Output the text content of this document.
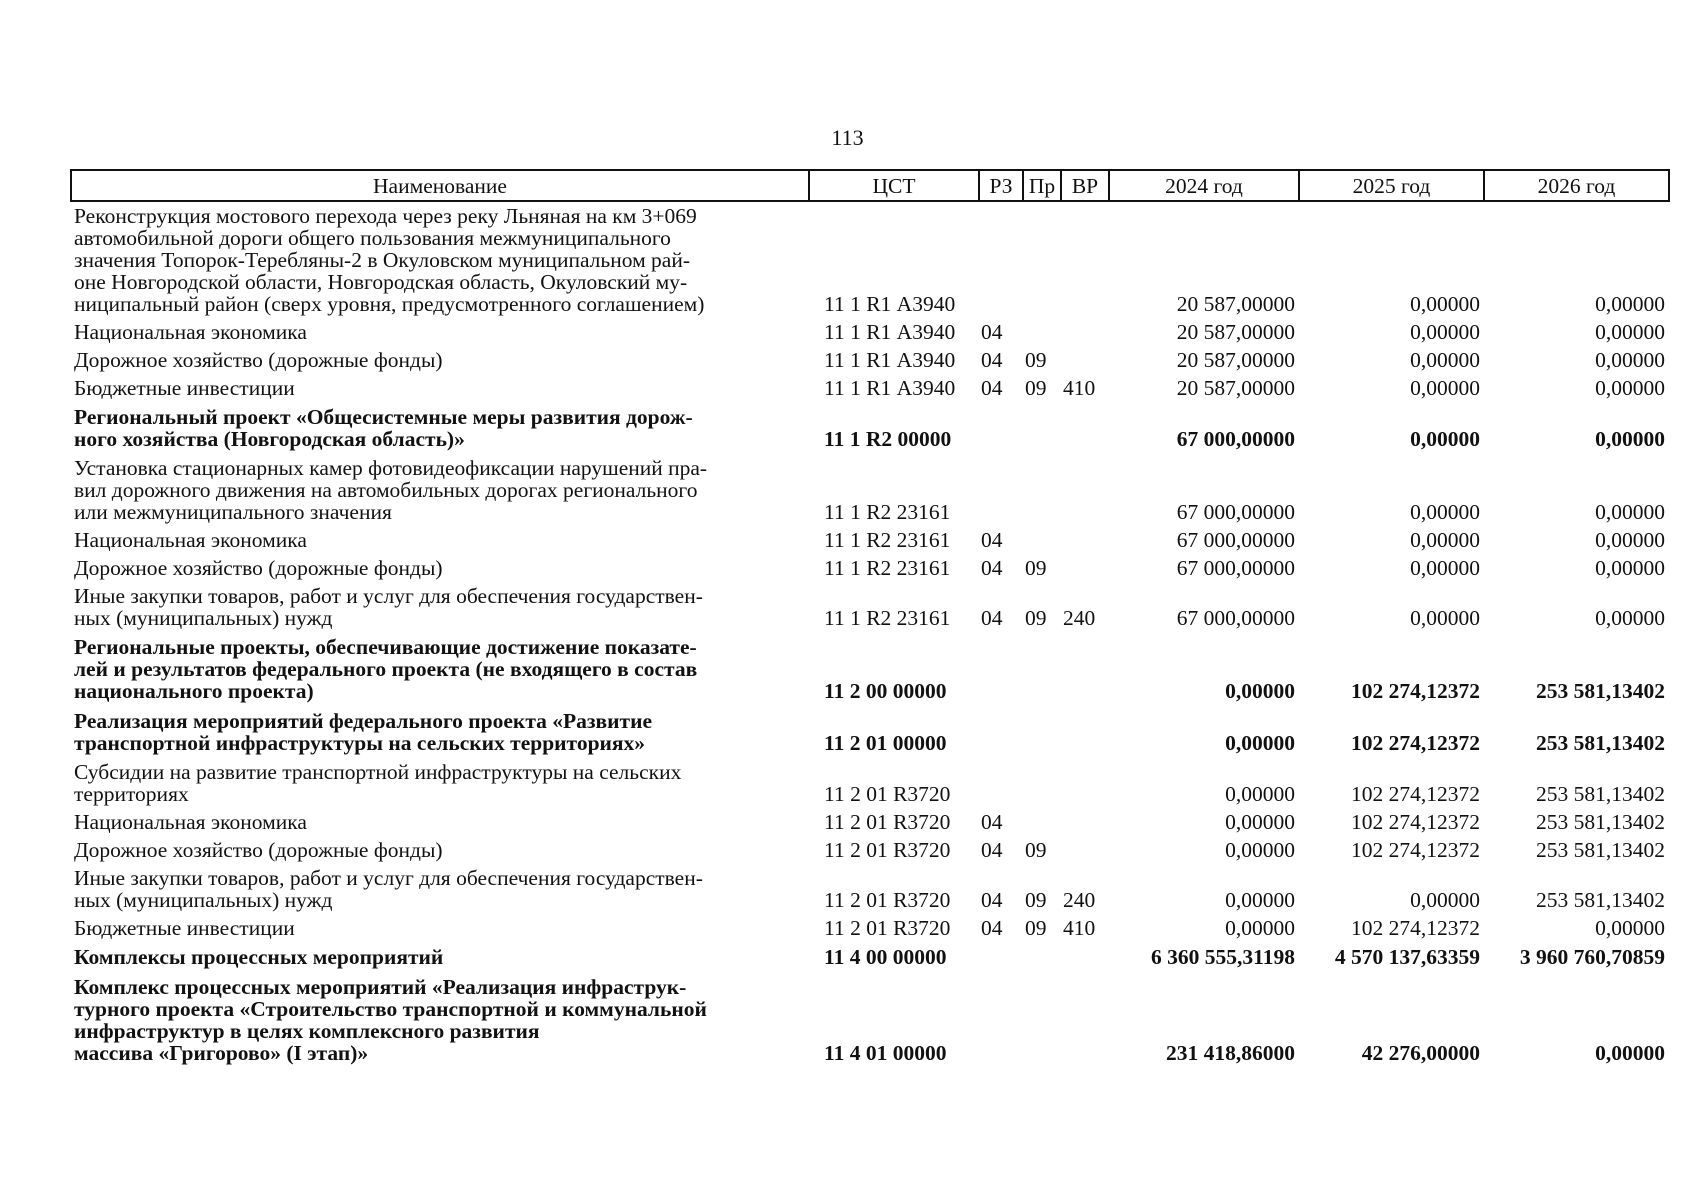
113
Наименование	ЦСТ	РЗ	Пр	ВР	2024 год	2025 год	2026 год

Реконструкция мостового перехода через реку Льняная на км 3+069
автомобильной дороги общего пользования межмуниципального
значения Топорок-Теребляны-2 в Окуловском муниципальном рай-
оне Новгородской области, Новгородская область, Окуловский му-
ниципальный район (сверх уровня, предусмотренного соглашением)	11 1 R1 А3940				20 587,00000	0,00000	0,00000

Национальная экономика	11 1 R1 А3940	04			20 587,00000	0,00000	0,00000

Дорожное хозяйство (дорожные фонды)	11 1 R1 А3940	04	09		20 587,00000	0,00000	0,00000

Бюджетные инвестиции	11 1 R1 А3940	04	09	410	20 587,00000	0,00000	0,00000

Региональный проект «Общесистемные меры развития дорож-
ного хозяйства (Новгородская область)»	11 1 R2 00000				67 000,00000	0,00000	0,00000

Установка стационарных камер фотовидеофиксации нарушений пра-
вил дорожного движения на автомобильных дорогах регионального
или межмуниципального значения	11 1 R2 23161				67 000,00000	0,00000	0,00000

Национальная экономика	11 1 R2 23161	04			67 000,00000	0,00000	0,00000

Дорожное хозяйство (дорожные фонды)	11 1 R2 23161	04	09		67 000,00000	0,00000	0,00000

Иные закупки товаров, работ и услуг для обеспечения государствен-
ных (муниципальных) нужд	11 1 R2 23161	04	09	240	67 000,00000	0,00000	0,00000

Региональные проекты, обеспечивающие достижение показате-
лей и результатов федерального проекта (не входящего в состав
национального проекта)	11 2 00 00000				0,00000	102 274,12372	253 581,13402

Реализация мероприятий федерального проекта «Развитие
транспортной инфраструктуры на сельских территориях»	11 2 01 00000				0,00000	102 274,12372	253 581,13402

Субсидии на развитие транспортной инфраструктуры на сельских
территориях	11 2 01 R3720				0,00000	102 274,12372	253 581,13402

Национальная экономика	11 2 01 R3720	04			0,00000	102 274,12372	253 581,13402

Дорожное хозяйство (дорожные фонды)	11 2 01 R3720	04	09		0,00000	102 274,12372	253 581,13402

Иные закупки товаров, работ и услуг для обеспечения государствен-
ных (муниципальных) нужд	11 2 01 R3720	04	09	240	0,00000	0,00000	253 581,13402

Бюджетные инвестиции	11 2 01 R3720	04	09	410	0,00000	102 274,12372	0,00000

Комплексы процессных мероприятий	11 4 00 00000				6 360 555,31198	4 570 137,63359	3 960 760,70859

Комплекс процессных мероприятий «Реализация инфраструк-
турного проекта «Строительство транспортной и коммунальной
инфраструктур в целях комплексного развития
массива «Григорово» (I этап)»	11 4 01 00000				231 418,86000	42 276,00000	0,00000
